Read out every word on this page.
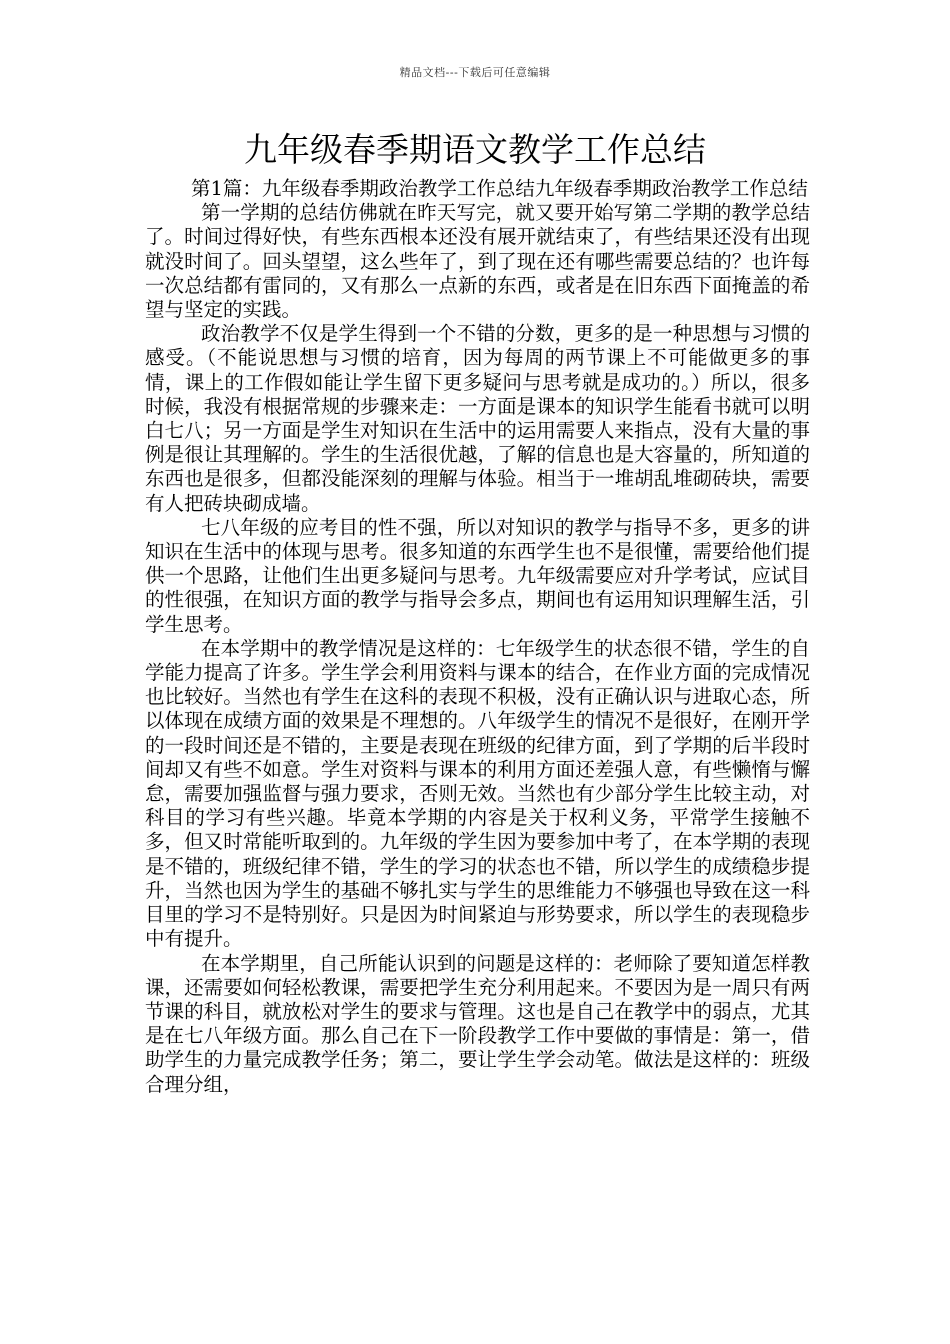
精品文档---下载后可任意编辑
九年级春季期语文教学工作总结

第1篇：九年级春季期政治教学工作总结九年级春季期政治教学工作总结

第一学期的总结仿佛就在昨天写完，就又要开始写第二学期的教学总结了。时间过得好快，有些东西根本还没有展开就结束了，有些结果还没有出现就没时间了。回头望望，这么些年了，到了现在还有哪些需要总结的？也许每一次总结都有雷同的，又有那么一点新的东西，或者是在旧东西下面掩盖的希望与坚定的实践。

政治教学不仅是学生得到一个不错的分数，更多的是一种思想与习惯的感受。（不能说思想与习惯的培育，因为每周的两节课上不可能做更多的事情，课上的工作假如能让学生留下更多疑问与思考就是成功的。）所以，很多时候，我没有根据常规的步骤来走：一方面是课本的知识学生能看书就可以明白七八；另一方面是学生对知识在生活中的运用需要人来指点，没有大量的事例是很让其理解的。学生的生活很优越，了解的信息也是大容量的，所知道的东西也是很多，但都没能深刻的理解与体验。相当于一堆胡乱堆砌砖块，需要有人把砖块砌成墙。

七八年级的应考目的性不强，所以对知识的教学与指导不多，更多的讲知识在生活中的体现与思考。很多知道的东西学生也不是很懂，需要给他们提供一个思路，让他们生出更多疑问与思考。九年级需要应对升学考试，应试目的性很强，在知识方面的教学与指导会多点，期间也有运用知识理解生活，引学生思考。

在本学期中的教学情况是这样的：七年级学生的状态很不错，学生的自学能力提高了许多。学生学会利用资料与课本的结合，在作业方面的完成情况也比较好。当然也有学生在这科的表现不积极，没有正确认识与进取心态，所以体现在成绩方面的效果是不理想的。八年级学生的情况不是很好，在刚开学的一段时间还是不错的，主要是表现在班级的纪律方面，到了学期的后半段时间却又有些不如意。学生对资料与课本的利用方面还差强人意，有些懒惰与懈怠，需要加强监督与强力要求，否则无效。当然也有少部分学生比较主动，对科目的学习有些兴趣。毕竟本学期的内容是关于权利义务，平常学生接触不多，但又时常能听取到的。九年级的学生因为要参加中考了，在本学期的表现是不错的，班级纪律不错，学生的学习的状态也不错，所以学生的成绩稳步提升，当然也因为学生的基础不够扎实与学生的思维能力不够强也导致在这一科目里的学习不是特别好。只是因为时间紧迫与形势要求，所以学生的表现稳步中有提升。

在本学期里，自己所能认识到的问题是这样的：老师除了要知道怎样教课，还需要如何轻松教课，需要把学生充分利用起来。不要因为是一周只有两节课的科目，就放松对学生的要求与管理。这也是自己在教学中的弱点，尤其是在七八年级方面。那么自己在下一阶段教学工作中要做的事情是：第一，借助学生的力量完成教学任务；第二，要让学生学会动笔。做法是这样的：班级合理分组，
